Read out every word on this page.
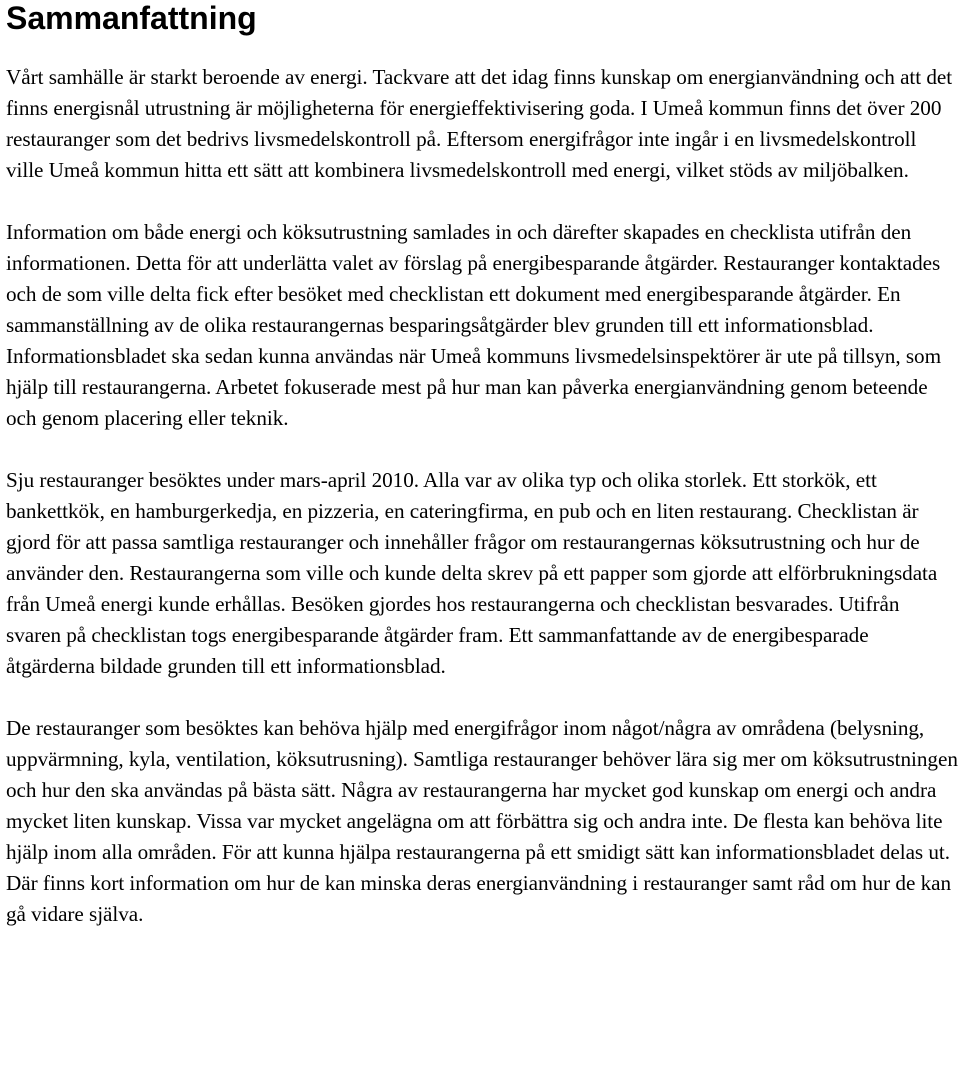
Sammanfattning

Vårt samhälle är starkt beroende av energi. Tackvare att det idag finns kunskap om energianvändning och att det finns energisnål utrustning är möjligheterna för energieffektivisering goda. I Umeå kommun finns det över 200 restauranger som det bedrivs livsmedelskontroll på. Eftersom energifrågor inte ingår i en livsmedelskontroll ville Umeå kommun hitta ett sätt att kombinera livsmedelskontroll med energi, vilket stöds av miljöbalken.

Information om både energi och köksutrustning samlades in och därefter skapades en checklista utifrån den informationen. Detta för att underlätta valet av förslag på energibesparande åtgärder. Restauranger kontaktades och de som ville delta fick efter besöket med checklistan ett dokument med energibesparande åtgärder. En sammanställning av de olika restaurangernas besparingsåtgärder blev grunden till ett informationsblad. Informationsbladet ska sedan kunna användas när Umeå kommuns livsmedelsinspektörer är ute på tillsyn, som hjälp till restaurangerna. Arbetet fokuserade mest på hur man kan påverka energianvändning genom beteende och genom placering eller teknik.

Sju restauranger besöktes under mars-april 2010. Alla var av olika typ och olika storlek. Ett storkök, ett bankettkök, en hamburgerkedja, en pizzeria, en cateringfirma, en pub och en liten restaurang. Checklistan är gjord för att passa samtliga restauranger och innehåller frågor om restaurangernas köksutrustning och hur de använder den. Restaurangerna som ville och kunde delta skrev på ett papper som gjorde att elförbrukningsdata från Umeå energi kunde erhållas. Besöken gjordes hos restaurangerna och checklistan besvarades. Utifrån svaren på checklistan togs energibesparande åtgärder fram. Ett sammanfattande av de energibesparade åtgärderna bildade grunden till ett informationsblad.

De restauranger som besöktes kan behöva hjälp med energifrågor inom något/några av områdena (belysning, uppvärmning, kyla, ventilation, köksutrusning). Samtliga restauranger behöver lära sig mer om köksutrustningen och hur den ska användas på bästa sätt. Några av restaurangerna har mycket god kunskap om energi och andra mycket liten kunskap. Vissa var mycket angelägna om att förbättra sig och andra inte. De flesta kan behöva lite hjälp inom alla områden. För att kunna hjälpa restaurangerna på ett smidigt sätt kan informationsbladet delas ut. Där finns kort information om hur de kan minska deras energianvändning i restauranger samt råd om hur de kan gå vidare själva.
